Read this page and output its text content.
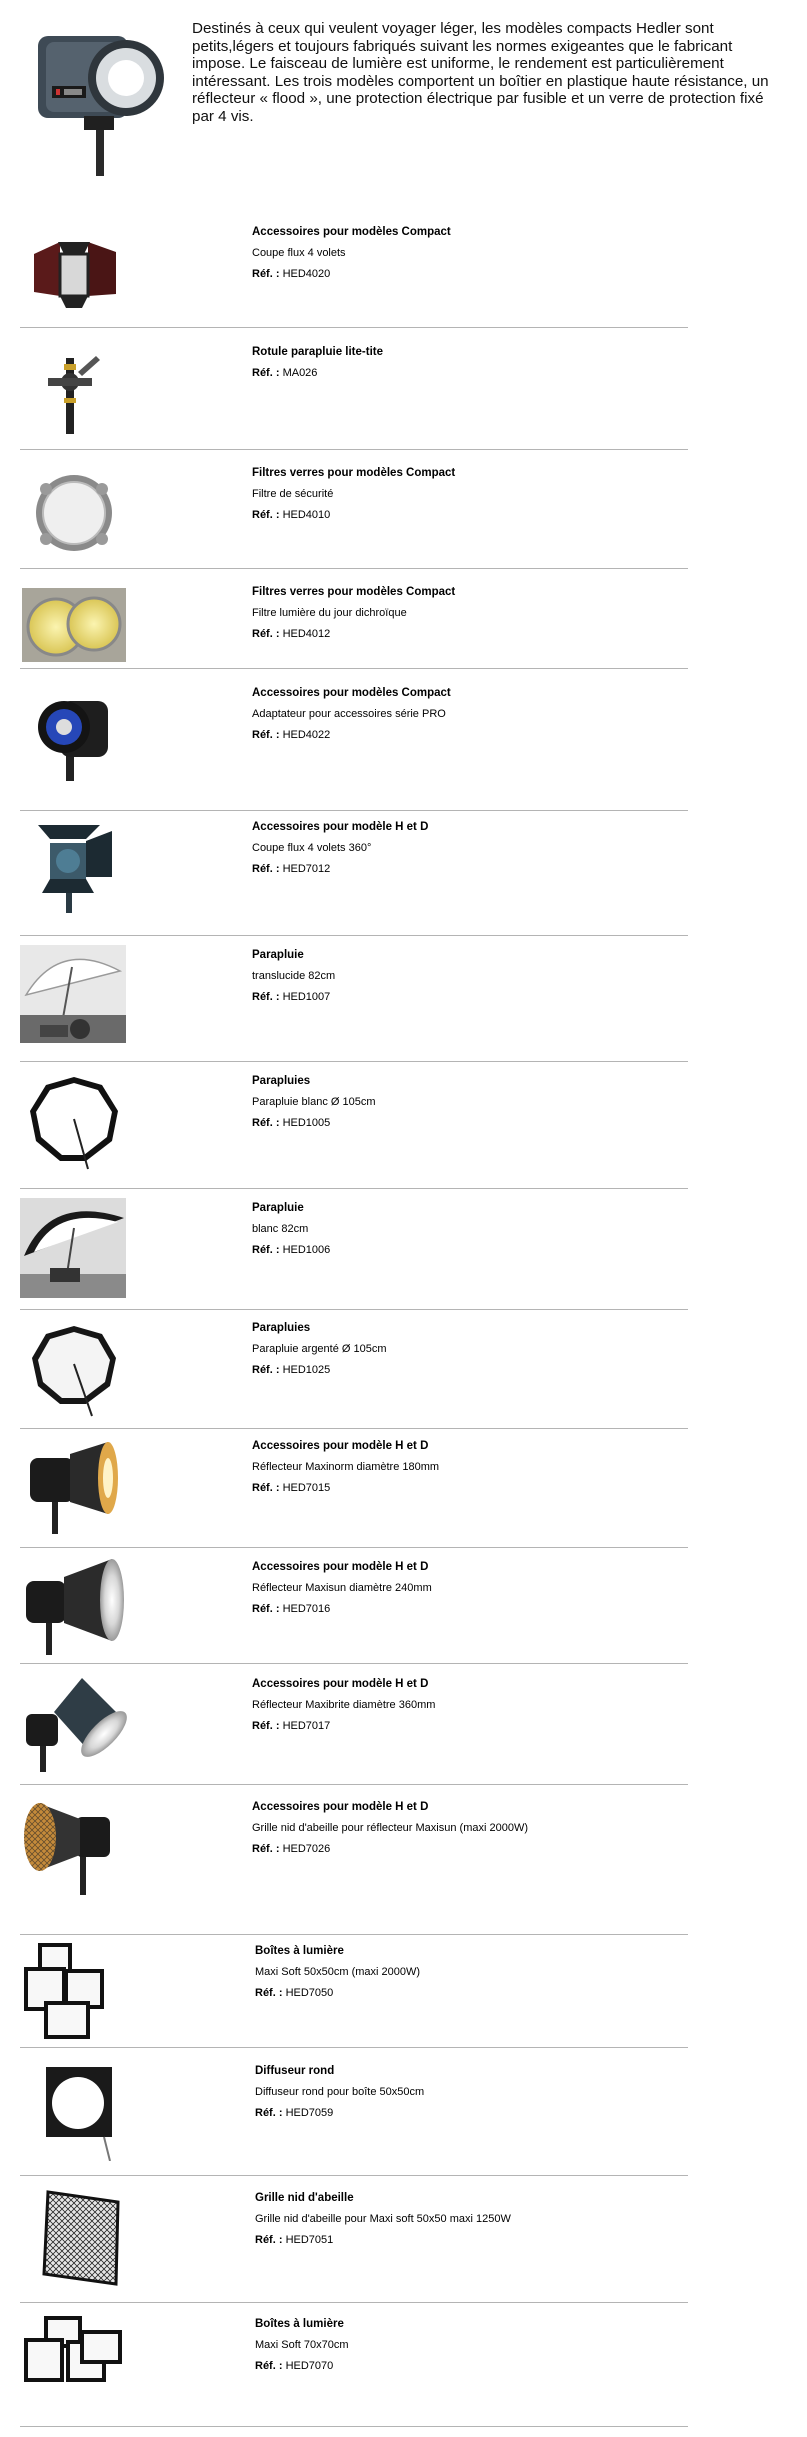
Destinés à ceux qui veulent voyager léger, les modèles compacts Hedler sont petits,légers et toujours fabriqués suivant les normes exigeantes que le fabricant impose. Le faisceau de lumière est uniforme, le rendement est particulièrement intéressant. Les trois modèles comportent un boîtier en plastique haute résistance, un réflecteur « flood », une protection électrique par fusible et un verre de protection fixé par 4 vis.
Accessoires pour modèles Compact
Coupe flux 4 volets
Réf. : HED4020
Rotule parapluie lite-tite
Réf. : MA026
Filtres verres pour modèles Compact
Filtre de sécurité
Réf. : HED4010
Filtres verres pour modèles Compact
Filtre lumière du jour dichroïque
Réf. : HED4012
Accessoires pour modèles Compact
Adaptateur pour accessoires série PRO
Réf. : HED4022
Accessoires pour modèle H et D
Coupe flux 4 volets 360°
Réf. : HED7012
Parapluie
translucide 82cm
Réf. : HED1007
Parapluies
Parapluie blanc Ø 105cm
Réf. : HED1005
Parapluie
blanc 82cm
Réf. : HED1006
Parapluies
Parapluie argenté Ø 105cm
Réf. : HED1025
Accessoires pour modèle H et D
Réflecteur Maxinorm diamètre 180mm
Réf. : HED7015
Accessoires pour modèle H et D
Réflecteur Maxisun diamètre 240mm
Réf. : HED7016
Accessoires pour modèle H et D
Réflecteur Maxibrite diamètre 360mm
Réf. : HED7017
Accessoires pour modèle H et D
Grille nid d'abeille pour réflecteur Maxisun (maxi 2000W)
Réf. : HED7026
Boîtes à lumière
Maxi Soft 50x50cm (maxi 2000W)
Réf. : HED7050
Diffuseur rond
Diffuseur rond pour boîte 50x50cm
Réf. : HED7059
Grille nid d'abeille
Grille nid d'abeille pour Maxi soft 50x50 maxi 1250W
Réf. : HED7051
Boîtes à lumière
Maxi Soft 70x70cm
Réf. : HED7070
